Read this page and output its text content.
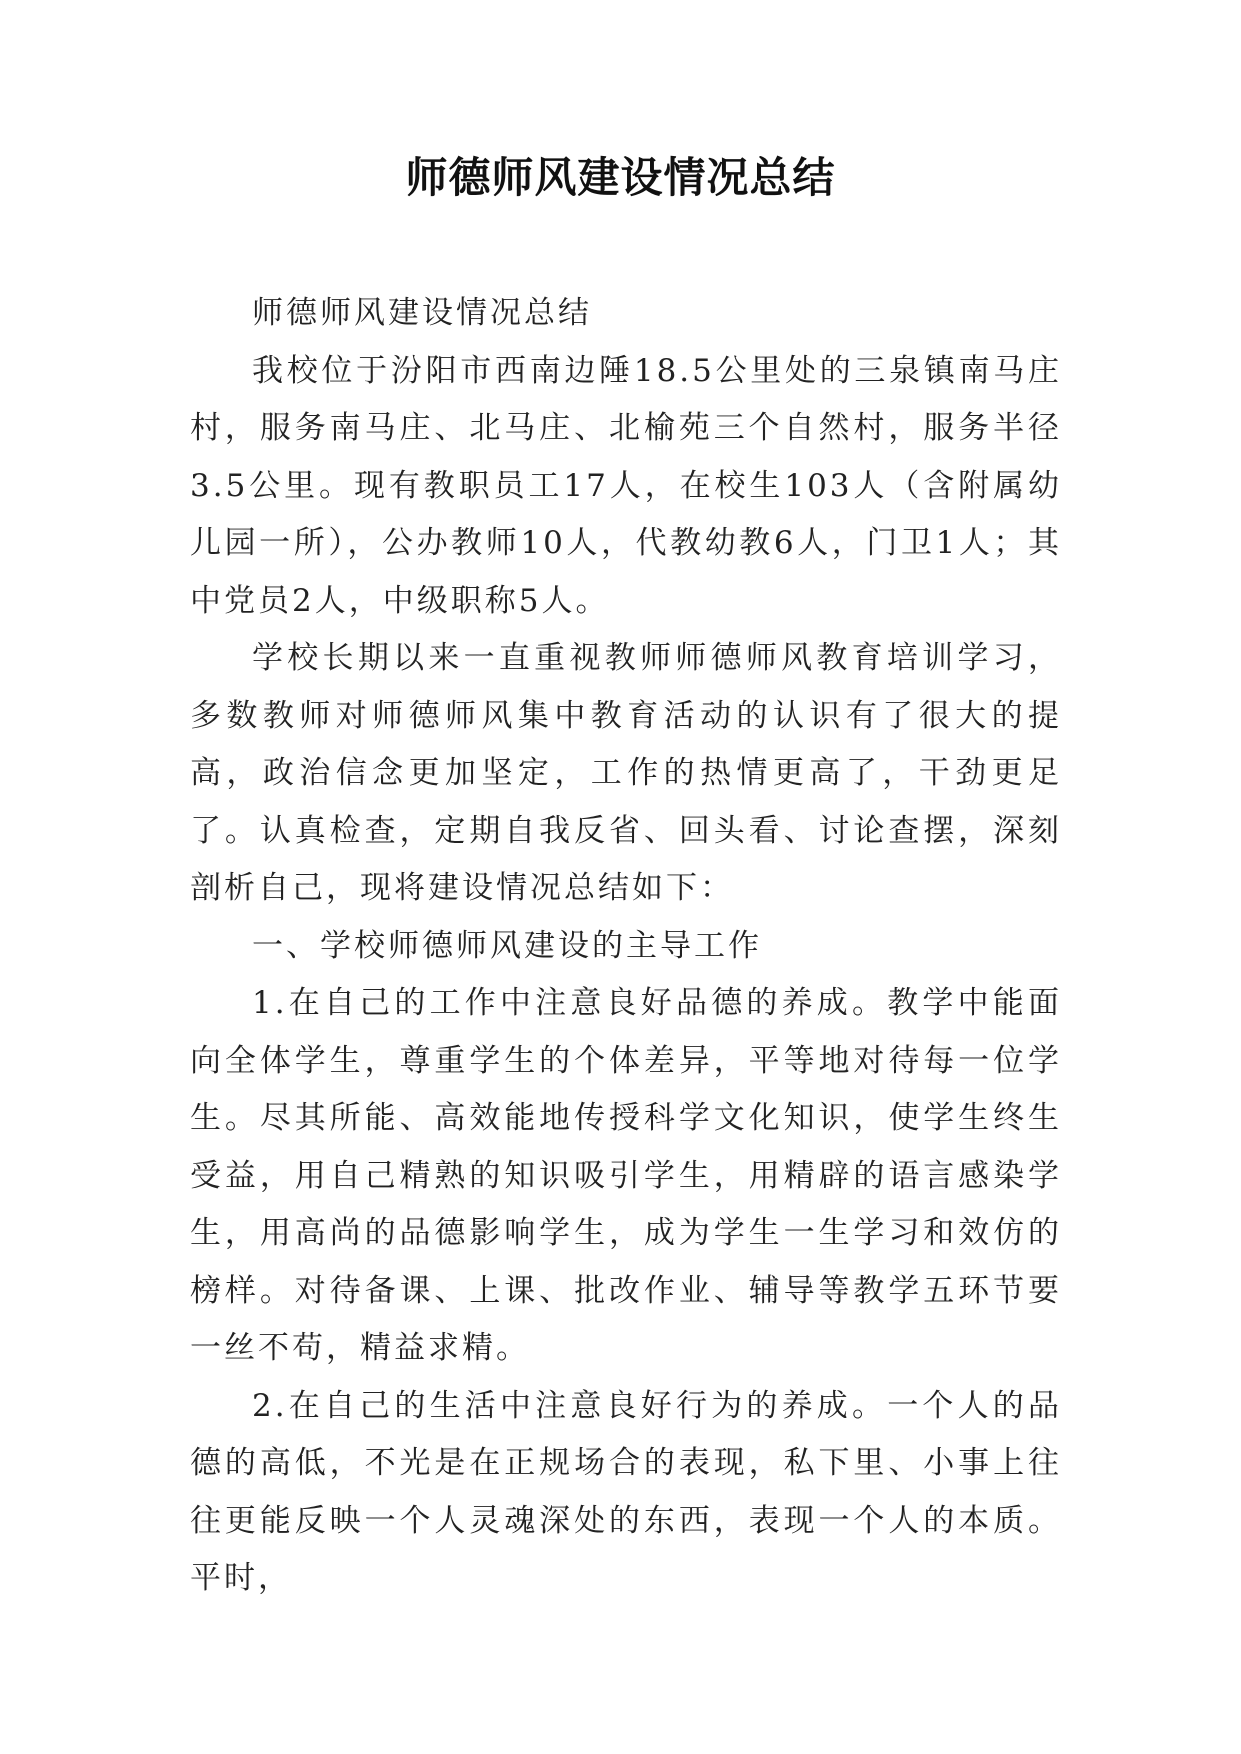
师德师风建设情况总结

师德师风建设情况总结

我校位于汾阳市西南边陲18.5公里处的三泉镇南马庄村，服务南马庄、北马庄、北榆苑三个自然村，服务半径3.5公里。现有教职员工17人，在校生103人（含附属幼儿园一所），公办教师10人，代教幼教6人，门卫1人；其中党员2人，中级职称5人。

学校长期以来一直重视教师师德师风教育培训学习，多数教师对师德师风集中教育活动的认识有了很大的提高，政治信念更加坚定，工作的热情更高了，干劲更足了。认真检查，定期自我反省、回头看、讨论查摆，深刻剖析自己，现将建设情况总结如下：

一、学校师德师风建设的主导工作

1.在自己的工作中注意良好品德的养成。教学中能面向全体学生，尊重学生的个体差异，平等地对待每一位学生。尽其所能、高效能地传授科学文化知识，使学生终生受益，用自己精熟的知识吸引学生，用精辟的语言感染学生，用高尚的品德影响学生，成为学生一生学习和效仿的榜样。对待备课、上课、批改作业、辅导等教学五环节要一丝不苟，精益求精。

2.在自己的生活中注意良好行为的养成。一个人的品德的高低，不光是在正规场合的表现，私下里、小事上往往更能反映一个人灵魂深处的东西，表现一个人的本质。平时，
